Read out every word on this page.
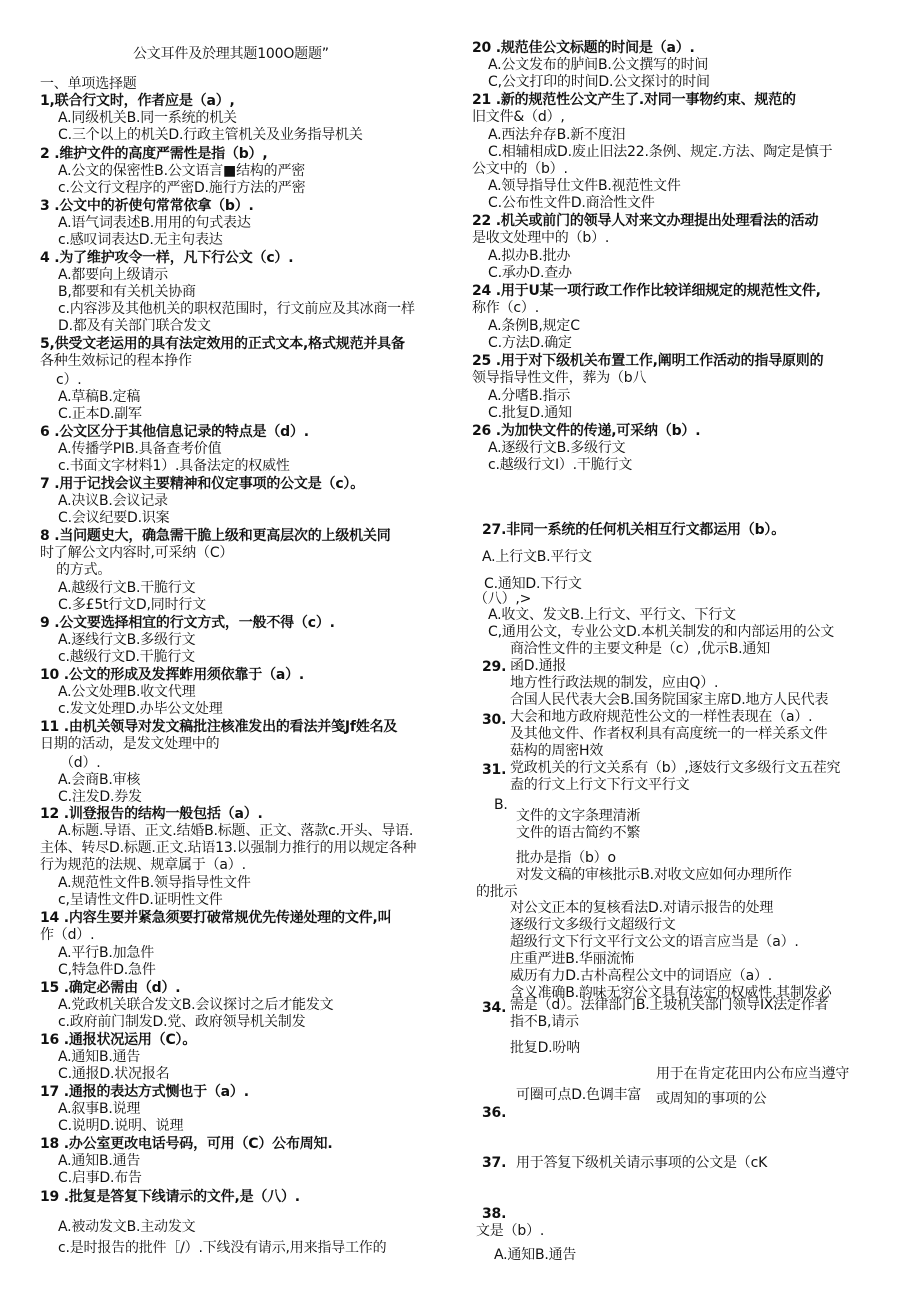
公文耳件及於理其题100O题题”
一、单项选择题
1,联合行文时，作者应是（a）,
A.同级机关B.同一系统的机关
C.三个以上的机关D.行政主管机关及业务指导机关
2 .维护文件的高度严需性是指（b）,
A.公文的保密性B.公文语言■结构的严密
c.公文行文程序的严密D.施行方法的严密
3 .公文中的祈使句常常依拿（b）.
A.语气词表述B.用用的句式表达
c.感叹词表达D.无主句表达
4 .为了维护攻令一样，凡下行公文（c）.
A.都要向上级请示
B,都要和有关机关协商
c.内容涉及其他机关的职权范围时，行文前应及其冰商一样
D.都及有关部门联合发文
5,供受文老运用的具有法定效用的正式文本,格式规范并具备
各种生效标记的程本挣作
c）.
A.草稿B.定稿
C.正本D.副军
6 .公文区分于其他信息记录的特点是（d）.
A.传播学PIB.具备查考价值
c.书面文字材料1）.具备法定的权威性
7 .用于记找会议主要精神和仪定事项的公文是（c）。
A.决议B.会议记录
C.会议纪要D.识案
8 .当问题史大，确急需干脆上级和更高层次的上级机关同
时了解公文内容时,可采纳（C）
的方式。
A.越级行文B.干脆行文
C.多£5t行文D,同时行文
9 .公文要选择相宜的行文方式，一般不得（c）.
A.逐线行文B.多级行文
c.越级行文D.干脆行文
10 .公文的形成及发挥蚱用须依靠于（a）.
A.公文处理B.收文代理
c.发文处理D.办毕公文处理
11 .由机关领导对发文稿批注核准发出的看法并笺Jf姓名及
日期的活动，是发文处理中的
（d）.
A.会商B.审核
C.注发D.券发
12 .训登报告的结构一般包括（a）.
A.标题.导语、正文.结婚B.标题、正文、落款c.开头、导语.
主体、转尽D.标题.正文.玷语13.以强制力推行的用以规定各种
行为规范的法规、规章属于（a）.
A.规范性文件B.领导指导性文件
c,呈请性文件D.证明性文件
14 .内容生要并紧急须要打破常规优先传递处理的文件,叫
作（d）.
A.平行B.加急件
C,特急件D.急件
15 .确定必需由（d）.
A.党政机关联合发文B.会议探讨之后才能发文
c.政府前门制发D.党、政府领导机关制发
16 .通报状况运用（C）。
A.通知B.通告
C.通报D.状况报名
17 .通报的表达方式恻也于（a）.
A.叙事B.说理
C.说明D.说明、说理
18 .办公室更改电话号码，可用（C）公布周知.
A.通知B.通告
C.启事D.布告
19 .批复是答复下线请示的文件,是（八）.
A.被动发文B.主动发文
c.是时报告的批件［/）.下线没有请示,用来指导工作的
20 .规范佳公文标题的时间是（a）.
A.公文发布的胪间B.公文撰写的时间
C,公文打印的时间D.公文探讨的时间
21 .新的规范性公文产生了.对同一事物约束、规范的
旧文件&（d）,
A.西法弁存B.新不度汨
C.相辅相成D.废止旧法22.条例、规定.方法、陶定是慎于
公文中的（b）.
A.领导指导仕文件B.视范性文件
C.公布性文件D.商洽性文件
22 .机关或前门的领导人对来文办理提出处理看法的活动
是收文处理中的（b）.
A.拟办B.批办
C.承办D.查办
24 .用于U某一项行政工作作比较详细规定的规范性文件,
称作（c）.
A.条例B,规定C
C.方法D.确定
25 .用于对下级机关布置工作,阐明工作活动的指导原则的
领导指导性文件，葬为（b八
A.分嗜B.指示
C.批复D.通知
26 .为加快文件的传递,可采纳（b）.
A.逐级行文B.多级行文
c.越级行文I）.干脆行文
27.非同一系统的任何机关相互行文都运用（b）。
A.上行文B.平行文
C.通知D.下行文
（八）,>
A.收文、发文B.上行文、平行文、下行文
C,通用公文，专业公文D.本机关制发的和内部运用的公文
商洽性文件的主要文种是（c）,优示B.通知
29. 函D.通报
地方性行政法规的制发，应由Q）.
合国人民代表大会B.国务院国家主席D.地方人民代表
30. 大会和地方政府规范性公文的一样性表现在（a）.
及其他文件、作者权利具有高度统一的一样关系文件
菇构的周密H效
31. 党政机关的行文关系有（b）,逐妓行文多级行文五茬究
盍的行文上行文下行文平行文
B.
文件的文字条理清淅
文件的语古简约不繁
批办是指（b）o
对发文稿的审核批示B.对收文应如何办理所作
的批示
对公文正本的复核看法D.对请示报告的处理
逐级行文多级行文超级行文
超级行文下行文平行文公文的语言应当是（a）.
庄重严进B.华丽流怖
威历有力D.古朴高程公文中的词语应（a）.
含义准确B.韵味无穷公文具有法定的权威性,其制发必
34. 需是（d）。法律部门B.上坡机关部门领导IX法定作者
指不B,请示
批复D.吩呐
用于在肯定花田内公布应当遵守
可圈可点D.色调丰富 或周知的事项的公
36.
37. 用于答复下级机关请示事项的公文是（cK
38.
文是（b）.
A.通知B.通告
